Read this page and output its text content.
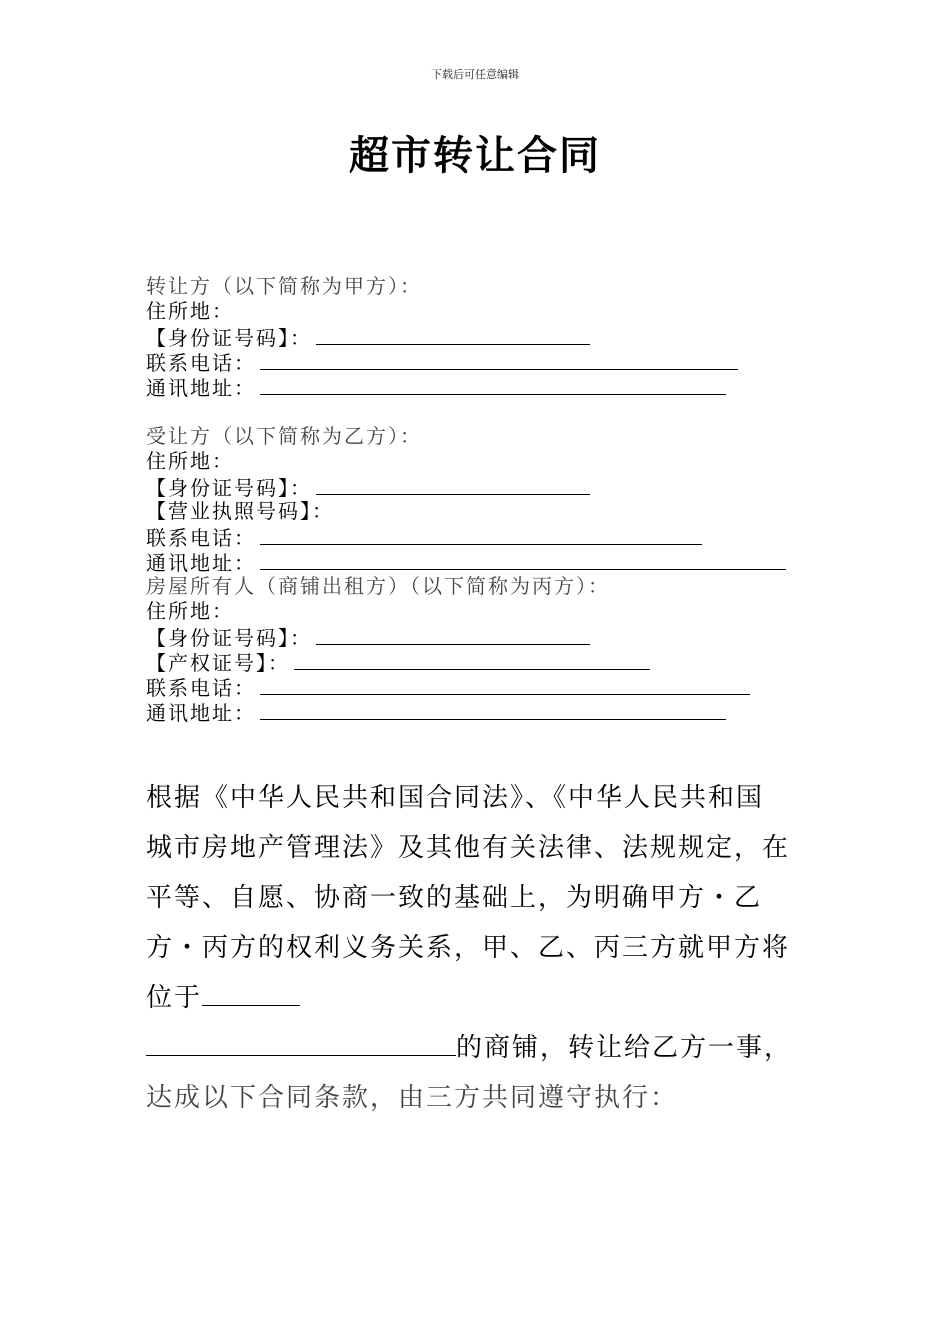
下载后可任意编辑
超市转让合同
转让方（以下简称为甲方）：
住所地：
【身份证号码】：
联系电话：
通讯地址：
受让方（以下简称为乙方）：
住所地：
【身份证号码】：
【营业执照号码】：
联系电话：
通讯地址：
房屋所有人（商铺出租方）（以下简称为丙方）：
住所地：
【身份证号码】：
【产权证号】：
联系电话：
通讯地址：
根据《中华人民共和国合同法》、《中华人民共和国
城市房地产管理法》及其他有关法律、法规规定，在
平等、自愿、协商一致的基础上，为明确甲方・乙
方・丙方的权利义务关系，甲、乙、丙三方就甲方将
位于
的商铺，转让给乙方一事，
达成以下合同条款，由三方共同遵守执行：
